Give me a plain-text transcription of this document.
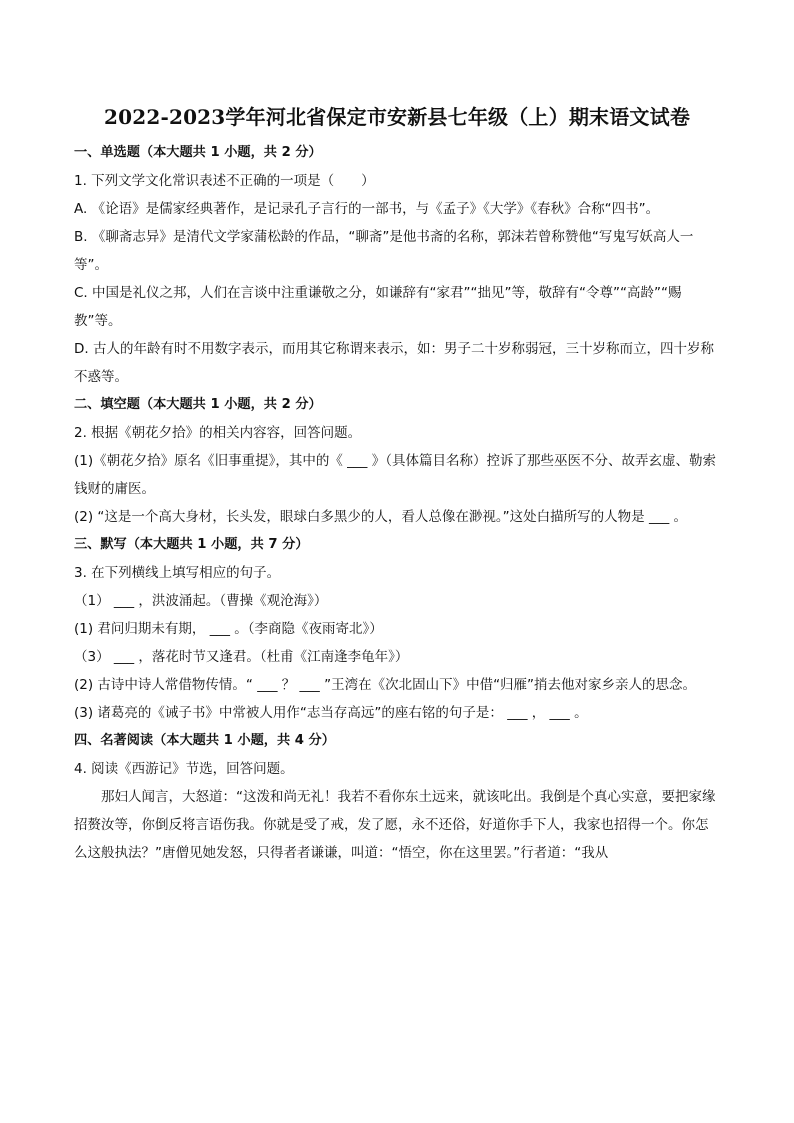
2022-2023学年河北省保定市安新县七年级（上）期末语文试卷
一、单选题（本大题共 1 小题，共 2 分）

1. 下列文学文化常识表述不正确的一项是（　　）

A. 《论语》是儒家经典著作，是记录孔子言行的一部书，与《孟子》《大学》《春秋》合称“四书”。

B. 《聊斋志异》是清代文学家蒲松龄的作品，“聊斋”是他书斋的名称，郭沫若曾称赞他“写鬼写妖高人一等”。

C. 中国是礼仪之邦，人们在言谈中注重谦敬之分，如谦辞有“家君”“拙见”等，敬辞有“令尊”“高龄”“赐教”等。

D. 古人的年龄有时不用数字表示，而用其它称谓来表示，如：男子二十岁称弱冠，三十岁称而立，四十岁称不惑等。

二、填空题（本大题共 1 小题，共 2 分）

2. 根据《朝花夕拾》的相关内容容，回答问题。

(1)《朝花夕拾》原名《旧事重提》，其中的《 ___ 》（具体篇目名称）控诉了那些巫医不分、故弄玄虚、勒索钱财的庸医。

(2) “这是一个高大身材，长头发，眼球白多黑少的人，看人总像在渺视。”这处白描所写的人物是 ___ 。

三、默写（本大题共 1 小题，共 7 分）

3. 在下列横线上填写相应的句子。

（1） ___ ，洪波涌起。（曹操《观沧海》）

(1) 君问归期未有期， ___ 。（李商隐《夜雨寄北》）

（3） ___ ，落花时节又逢君。（杜甫《江南逢李龟年》）

(2) 古诗中诗人常借物传情。“ ___ ？ ___ ”王湾在《次北固山下》中借“归雁”捎去他对家乡亲人的思念。

(3) 诸葛亮的《诫子书》中常被人用作“志当存高远”的座右铭的句子是： ___ ， ___ 。

四、名著阅读（本大题共 1 小题，共 4 分）

4. 阅读《西游记》节选，回答问题。

那妇人闻言，大怒道：“这泼和尚无礼！我若不看你东土远来，就该叱出。我倒是个真心实意，要把家缘招赘汝等，你倒反将言语伤我。你就是受了戒，发了愿，永不还俗，好道你手下人，我家也招得一个。你怎么这般执法？”唐僧见她发怒，只得者者谦谦，叫道：“悟空，你在这里罢。”行者道：“我从
